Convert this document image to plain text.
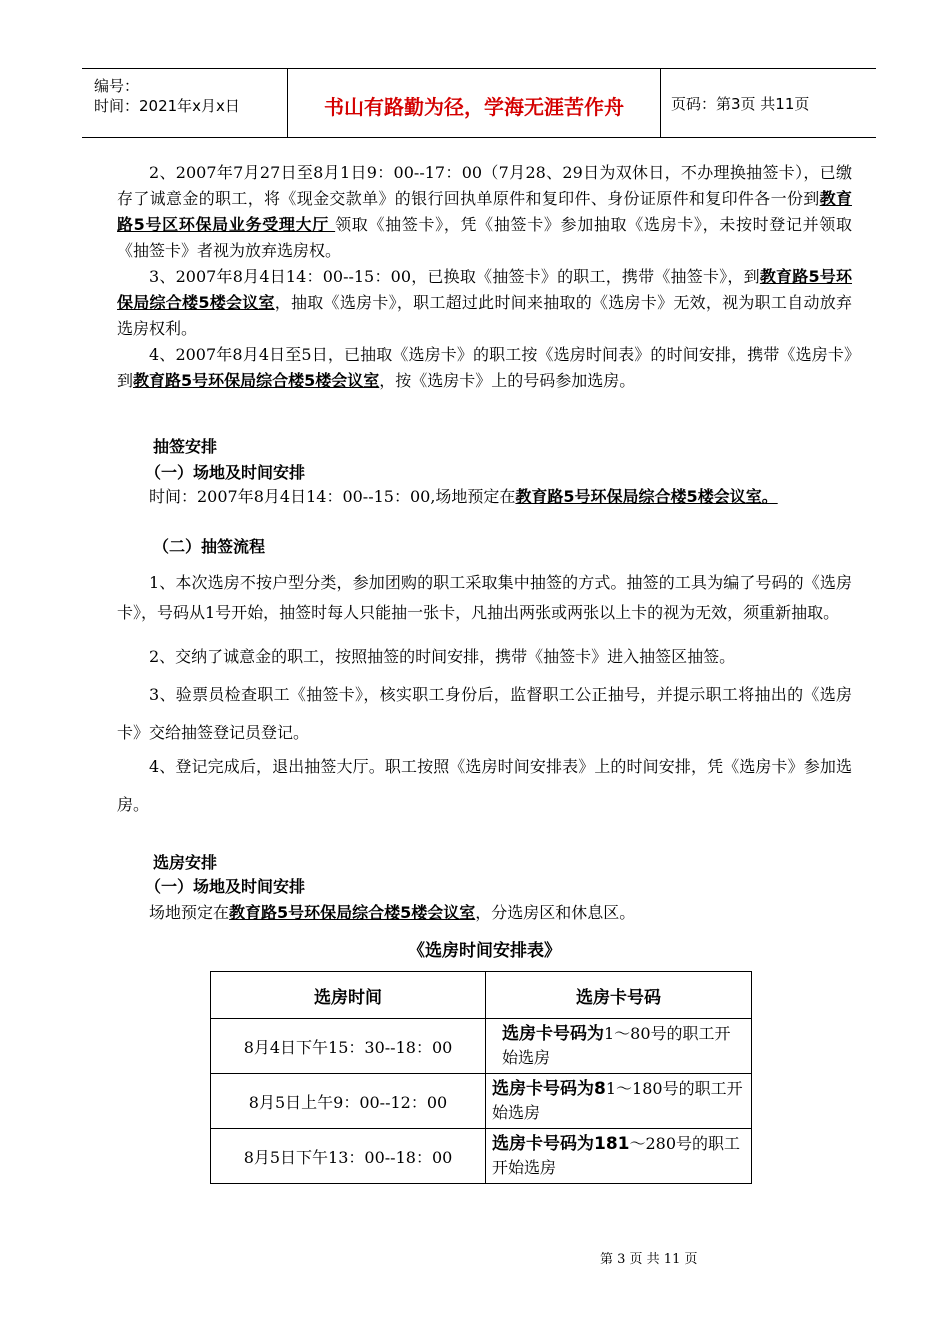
编号：
时间：2021年x月x日	书山有路勤为径，学海无涯苦作舟	页码：第3页 共11页

2、2007年7月27日至8月1日9：00--17：00（7月28、29日为双休日，不办理换抽签卡），已缴存了诚意金的职工，将《现金交款单》的银行回执单原件和复印件、身份证原件和复印件各一份到教育路5号区环保局业务受理大厅 领取《抽签卡》，凭《抽签卡》参加抽取《选房卡》，未按时登记并领取《抽签卡》者视为放弃选房权。

3、2007年8月4日14：00--15：00，已换取《抽签卡》的职工，携带《抽签卡》，到教育路5号环保局综合楼5楼会议室，抽取《选房卡》，职工超过此时间来抽取的《选房卡》无效，视为职工自动放弃选房权利。

4、2007年8月4日至5日，已抽取《选房卡》的职工按《选房时间表》的时间安排，携带《选房卡》到教育路5号环保局综合楼5楼会议室，按《选房卡》上的号码参加选房。

抽签安排

（一）场地及时间安排

时间：2007年8月4日14：00--15：00,场地预定在教育路5号环保局综合楼5楼会议室。

（二）抽签流程

1、本次选房不按户型分类，参加团购的职工采取集中抽签的方式。抽签的工具为编了号码的《选房卡》，号码从1号开始，抽签时每人只能抽一张卡，凡抽出两张或两张以上卡的视为无效，须重新抽取。

2、交纳了诚意金的职工，按照抽签的时间安排，携带《抽签卡》进入抽签区抽签。

3、验票员检查职工《抽签卡》，核实职工身份后，监督职工公正抽号，并提示职工将抽出的《选房卡》交给抽签登记员登记。

4、登记完成后，退出抽签大厅。职工按照《选房时间安排表》上的时间安排，凭《选房卡》参加选房。

选房安排

（一）场地及时间安排

场地预定在教育路5号环保局综合楼5楼会议室，分选房区和休息区。

《选房时间安排表》
选房时间	选房卡号码
8月4日下午15：30--18：00	选房卡号码为1～80号的职工开始选房
8月5日上午9：00--12：00	选房卡号码为81～180号的职工开始选房
8月5日下午13：00--18：00	选房卡号码为181～280号的职工开始选房
第 3 页 共 11 页
